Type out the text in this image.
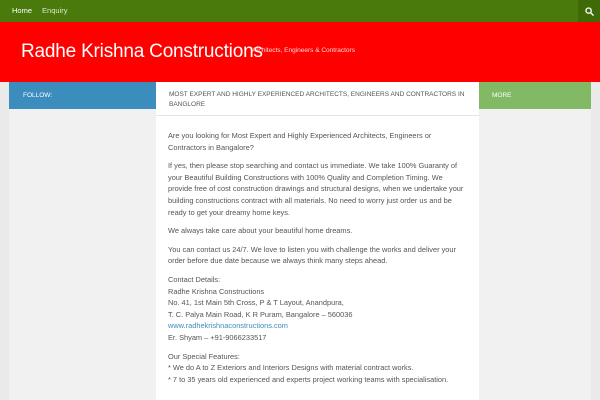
Home	Enquiry
Radhe Krishna Constructions
Architects, Engineers & Contractors
FOLLOW:	MORE
MOST EXPERT AND HIGHLY EXPERIENCED ARCHITECTS, ENGINEERS AND CONTRACTORS IN BANGLORE

Are you looking for Most Expert and Highly Experienced Architects, Engineers or Contractors in Bangalore?

If yes, then please stop searching and contact us immediate. We take 100% Guaranty of your Beautiful Building Constructions with 100% Quality and Completion Timing. We provide free of cost construction drawings and structural designs, when we undertake your building constructions contract with all materials. No need to worry just order us and be ready to get your dreamy home keys.

We always take care about your beautiful home dreams.

You can contact us 24/7. We love to listen you with challenge the works and deliver your order before due date because we always think many steps ahead.

Contact Details:
Radhe Krishna Constructions
No. 41, 1st Main 5th Cross, P & T Layout, Anandpura,
T. C. Palya Main Road, K R Puram, Bangalore – 560036
www.radhekrishnaconstructions.com
Er. Shyam – +91-9066233517

Our Special Features:
* We do A to Z Exteriors and Interiors Designs with material contract works.
* 7 to 35 years old experienced and experts project working teams with specialisation.
